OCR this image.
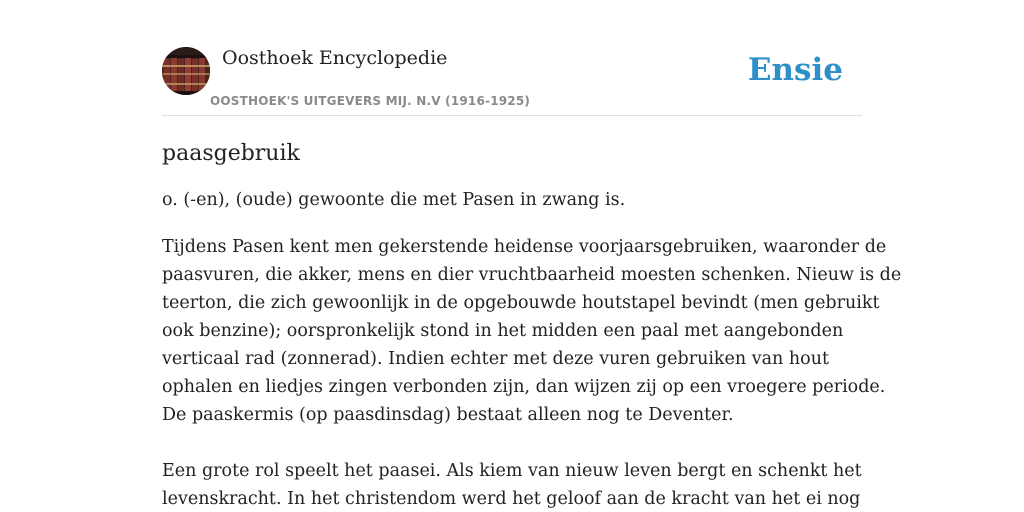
Oosthoek Encyclopedie
OOSTHOEK'S UITGEVERS MIJ. N.V (1916-1925)
Ensie
paasgebruik

o. (-en), (oude) gewoonte die met Pasen in zwang is.

Tijdens Pasen kent men gekerstende heidense voorjaarsgebruiken, waaronder de
paasvuren, die akker, mens en dier vruchtbaarheid moesten schenken. Nieuw is de
teerton, die zich gewoonlijk in de opgebouwde houtstapel bevindt (men gebruikt
ook benzine); oorspronkelijk stond in het midden een paal met aangebonden
verticaal rad (zonnerad). Indien echter met deze vuren gebruiken van hout
ophalen en liedjes zingen verbonden zijn, dan wijzen zij op een vroegere periode.
De paaskermis (op paasdinsdag) bestaat alleen nog te Deventer.

Een grote rol speelt het paasei. Als kiem van nieuw leven bergt en schenkt het
levenskracht. In het christendom werd het geloof aan de kracht van het ei nog
